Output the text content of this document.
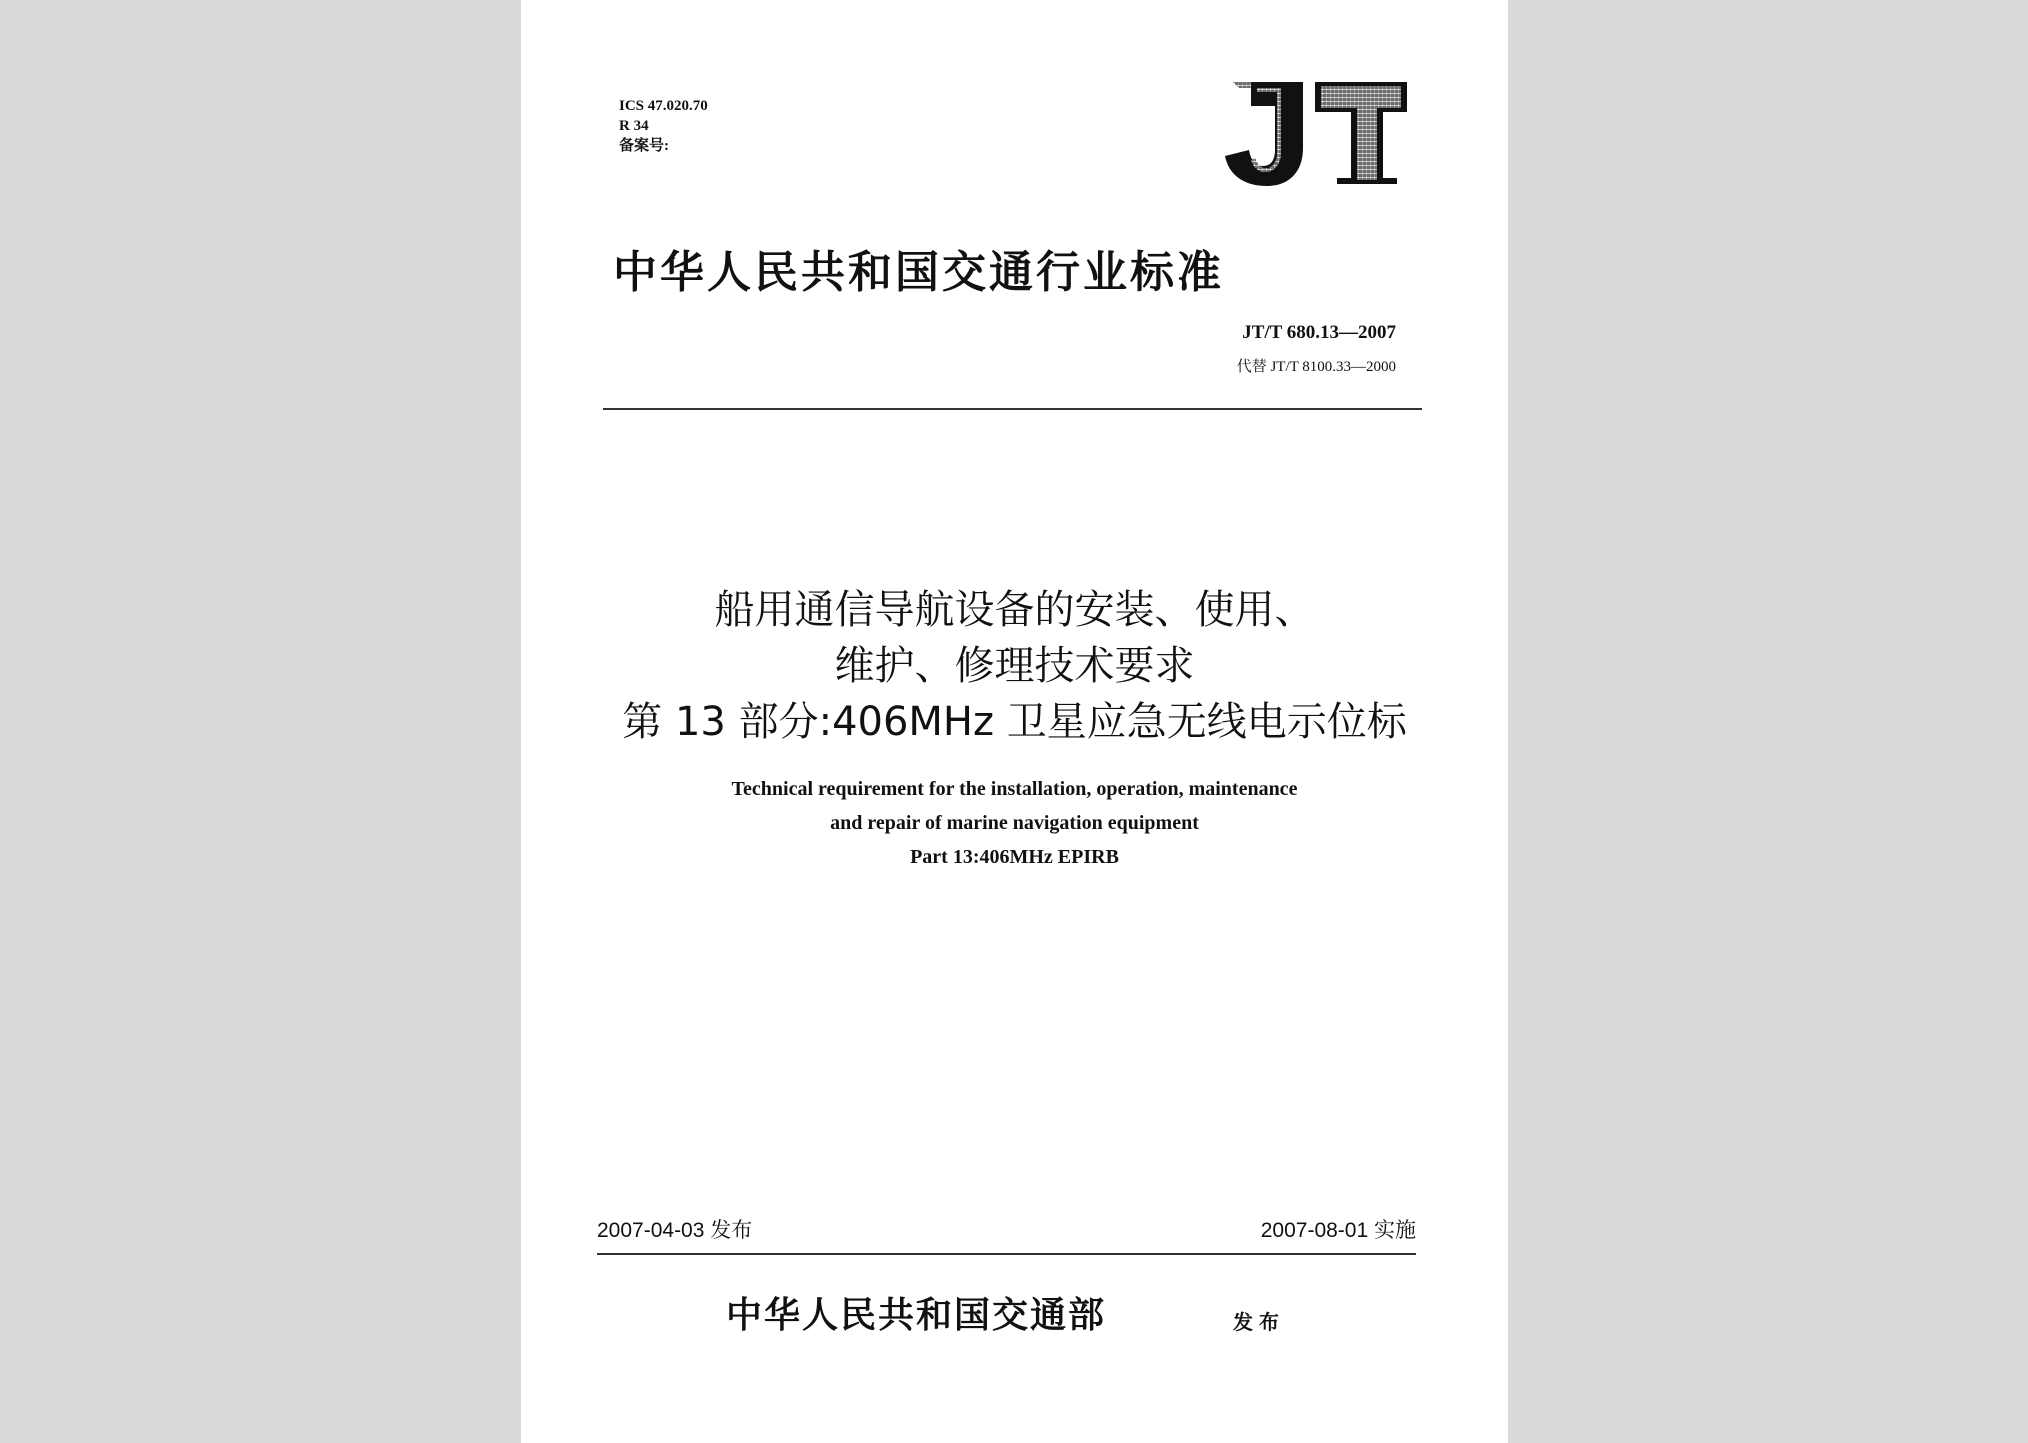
ICS 47.020.70
R 34
备案号:
中华人民共和国交通行业标准
JT/T 680.13—2007
代替 JT/T 8100.33—2000
船用通信导航设备的安装、使用、
维护、修理技术要求
第 13 部分:406MHz 卫星应急无线电示位标
Technical requirement for the installation, operation, maintenance
and repair of marine navigation equipment
Part 13:406MHz EPIRB
2007-04-03 发布	2007-08-01 实施
中华人民共和国交通部	发布
